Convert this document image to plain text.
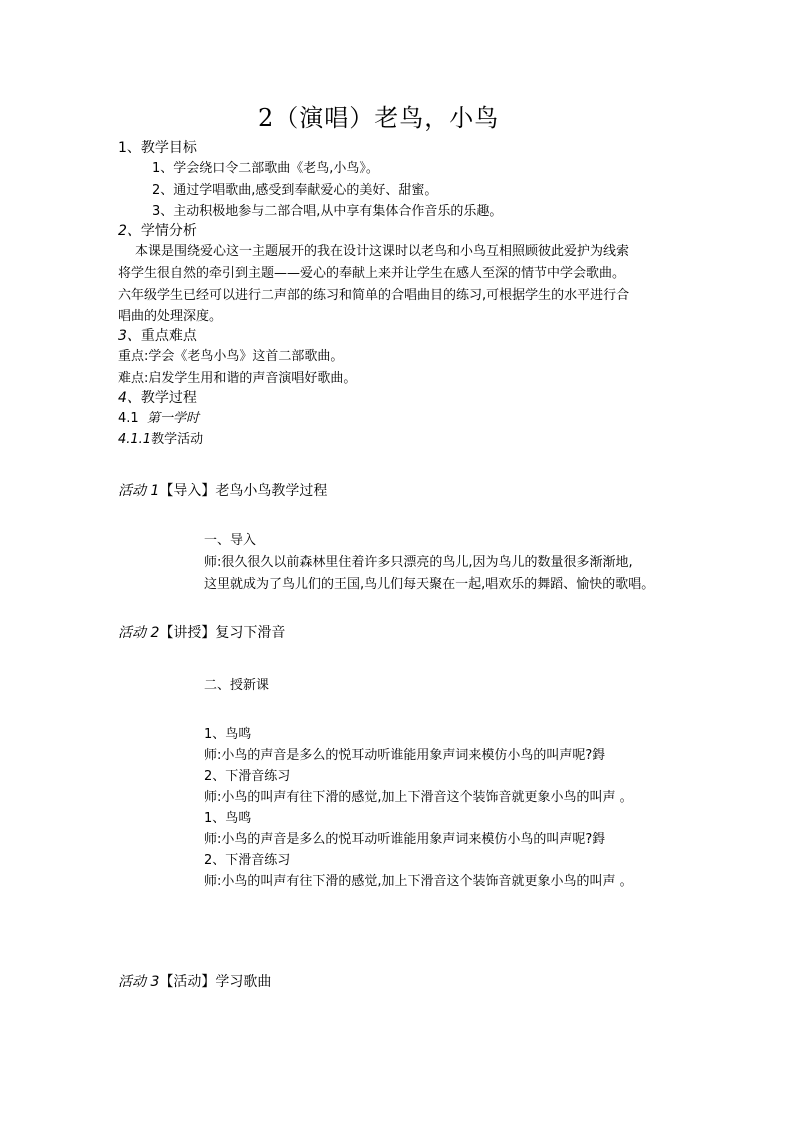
2（演唱）老鸟，小鸟
1、教学目标
1、学会绕口令二部歌曲《老鸟,小鸟》。
2、通过学唱歌曲,感受到奉献爱心的美好、甜蜜。
3、主动积极地参与二部合唱,从中享有集体合作音乐的乐趣。
2、学情分析
本课是围绕爱心这一主题展开的我在设计这课时以老鸟和小鸟互相照顾彼此爱护为线索
将学生很自然的牵引到主题——爱心的奉献上来并让学生在感人至深的情节中学会歌曲。
六年级学生已经可以进行二声部的练习和简单的合唱曲目的练习,可根据学生的水平进行合
唱曲的处理深度。
3、重点难点
重点:学会《老鸟小鸟》这首二部歌曲。
难点:启发学生用和谐的声音演唱好歌曲。
4、教学过程
4.1 第一学时
4.1.1教学活动
活动 1【导入】老鸟小鸟教学过程
一、导入
师:很久很久以前森林里住着许多只漂亮的鸟儿,因为鸟儿的数量很多渐渐地,
这里就成为了鸟儿们的王国,鸟儿们每天聚在一起,唱欢乐的舞蹈、愉快的歌唱。
活动 2【讲授】复习下滑音
二、授新课
1、鸟鸣
师:小鸟的声音是多么的悦耳动听谁能用象声词来模仿小鸟的叫声呢?鍀
2、下滑音练习
师:小鸟的叫声有往下滑的感觉,加上下滑音这个装饰音就更象小鸟的叫声 。
1、鸟鸣
师:小鸟的声音是多么的悦耳动听谁能用象声词来模仿小鸟的叫声呢?鍀
2、下滑音练习
师:小鸟的叫声有往下滑的感觉,加上下滑音这个装饰音就更象小鸟的叫声 。
活动 3【活动】学习歌曲
